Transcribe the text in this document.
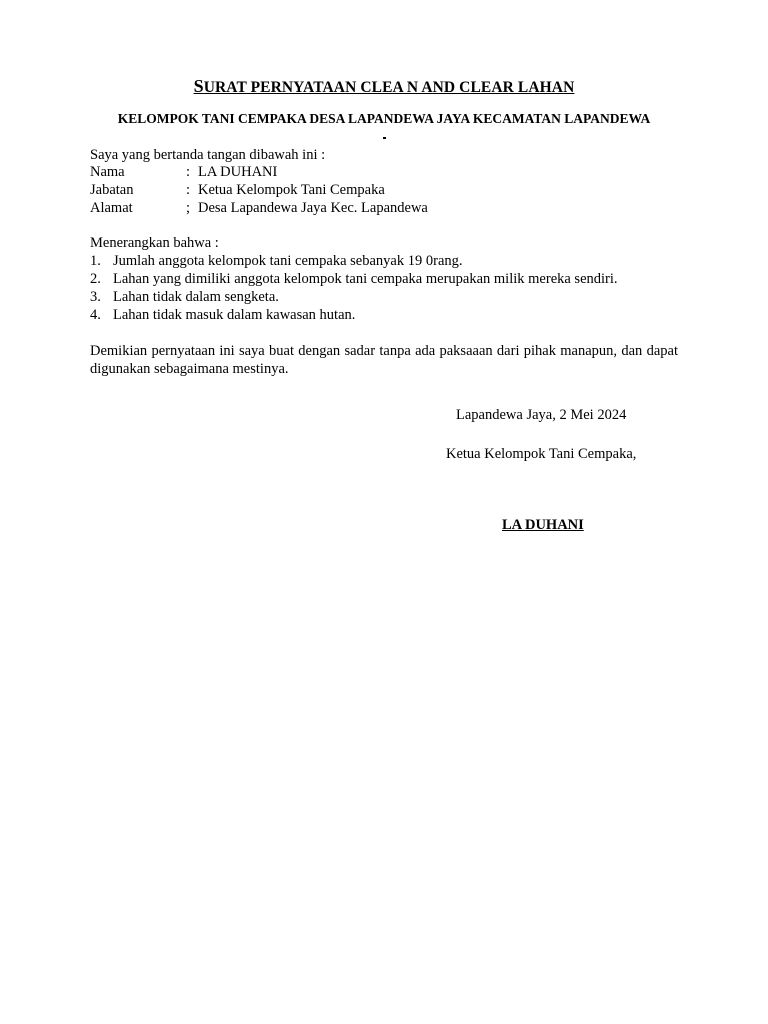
SURAT PERNYATAAN CLEA N AND CLEAR LAHAN
KELOMPOK TANI CEMPAKA DESA LAPANDEWA JAYA KECAMATAN LAPANDEWA
Saya yang bertanda tangan dibawah ini :
Nama	: LA DUHANI
Jabatan	: Ketua Kelompok Tani Cempaka
Alamat	; Desa Lapandewa Jaya Kec. Lapandewa
Menerangkan bahwa :
1. Jumlah anggota kelompok tani cempaka sebanyak 19 0rang.
2. Lahan yang dimiliki anggota kelompok tani cempaka merupakan milik mereka sendiri.
3. Lahan tidak dalam sengketa.
4. Lahan tidak masuk dalam kawasan hutan.
Demikian pernyataan ini saya buat dengan sadar tanpa ada paksaaan dari pihak manapun, dan dapat digunakan sebagaimana mestinya.
Lapandewa Jaya, 2 Mei 2024
Ketua Kelompok Tani Cempaka,
LA DUHANI
